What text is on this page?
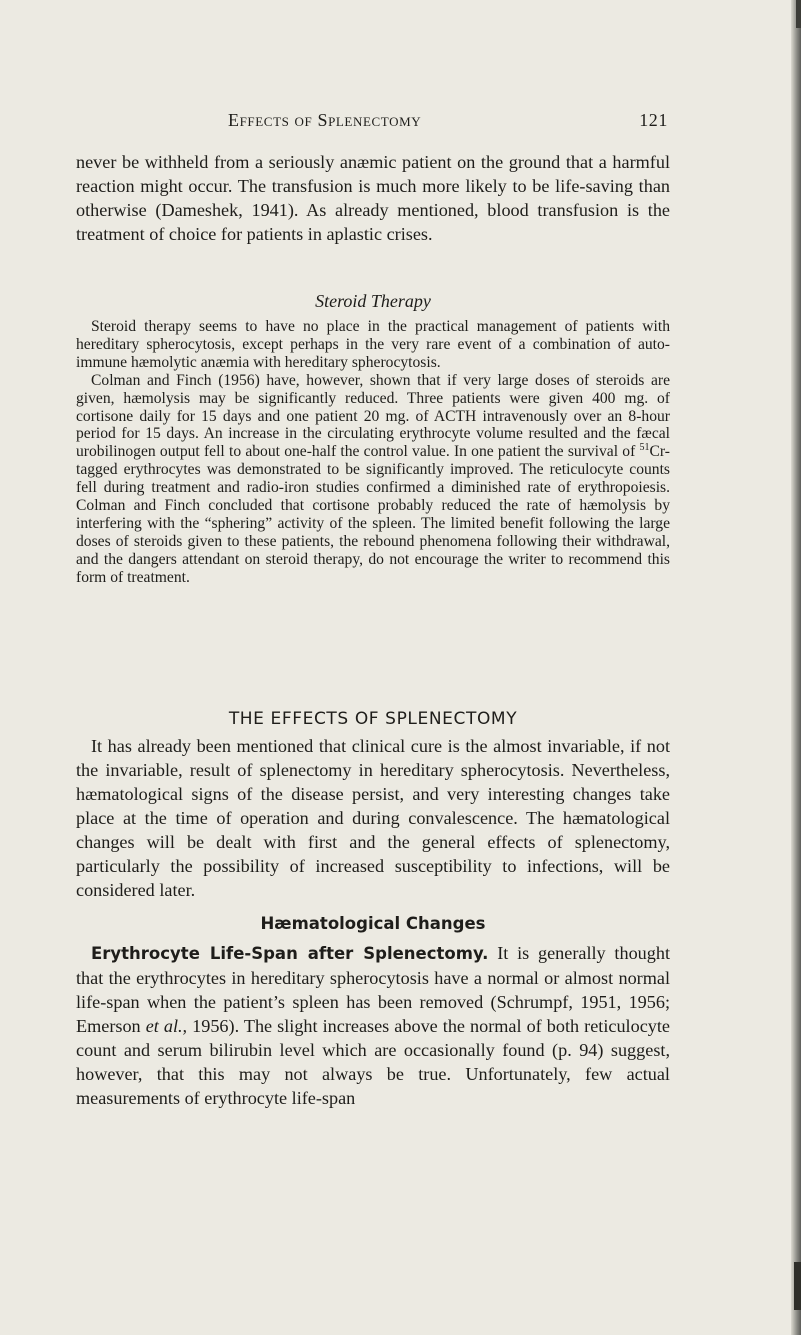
Effects of Splenectomy	121

never be withheld from a seriously anæmic patient on the ground that a harmful reaction might occur. The transfusion is much more likely to be life-saving than otherwise (Dameshek, 1941). As already mentioned, blood transfusion is the treatment of choice for patients in aplastic crises.

Steroid Therapy

Steroid therapy seems to have no place in the practical management of patients with hereditary spherocytosis, except perhaps in the very rare event of a combination of auto-immune hæmolytic anæmia with hereditary spherocytosis.

Colman and Finch (1956) have, however, shown that if very large doses of steroids are given, hæmolysis may be significantly reduced. Three patients were given 400 mg. of cortisone daily for 15 days and one patient 20 mg. of ACTH intravenously over an 8-hour period for 15 days. An increase in the circulating erythrocyte volume resulted and the fæcal urobilinogen output fell to about one-half the control value. In one patient the survival of $^{51}$Cr-tagged erythrocytes was demonstrated to be significantly improved. The reticulocyte counts fell during treatment and radio-iron studies confirmed a diminished rate of erythropoiesis. Colman and Finch concluded that cortisone probably reduced the rate of hæmolysis by interfering with the “sphering” activity of the spleen. The limited benefit following the large doses of steroids given to these patients, the rebound phenomena following their withdrawal, and the dangers attendant on steroid therapy, do not encourage the writer to recommend this form of treatment.

THE EFFECTS OF SPLENECTOMY

It has already been mentioned that clinical cure is the almost invariable, if not the invariable, result of splenectomy in hereditary spherocytosis. Nevertheless, hæmatological signs of the disease persist, and very interesting changes take place at the time of operation and during convalescence. The hæmatological changes will be dealt with first and the general effects of splenectomy, particularly the possibility of increased susceptibility to infections, will be considered later.

Hæmatological Changes

Erythrocyte Life-Span after Splenectomy. It is generally thought that the erythrocytes in hereditary spherocytosis have a normal or almost normal life-span when the patient’s spleen has been removed (Schrumpf, 1951, 1956; Emerson et al., 1956). The slight increases above the normal of both reticulocyte count and serum bilirubin level which are occasionally found (p. 94) suggest, however, that this may not always be true. Unfortunately, few actual measurements of erythrocyte life-span
